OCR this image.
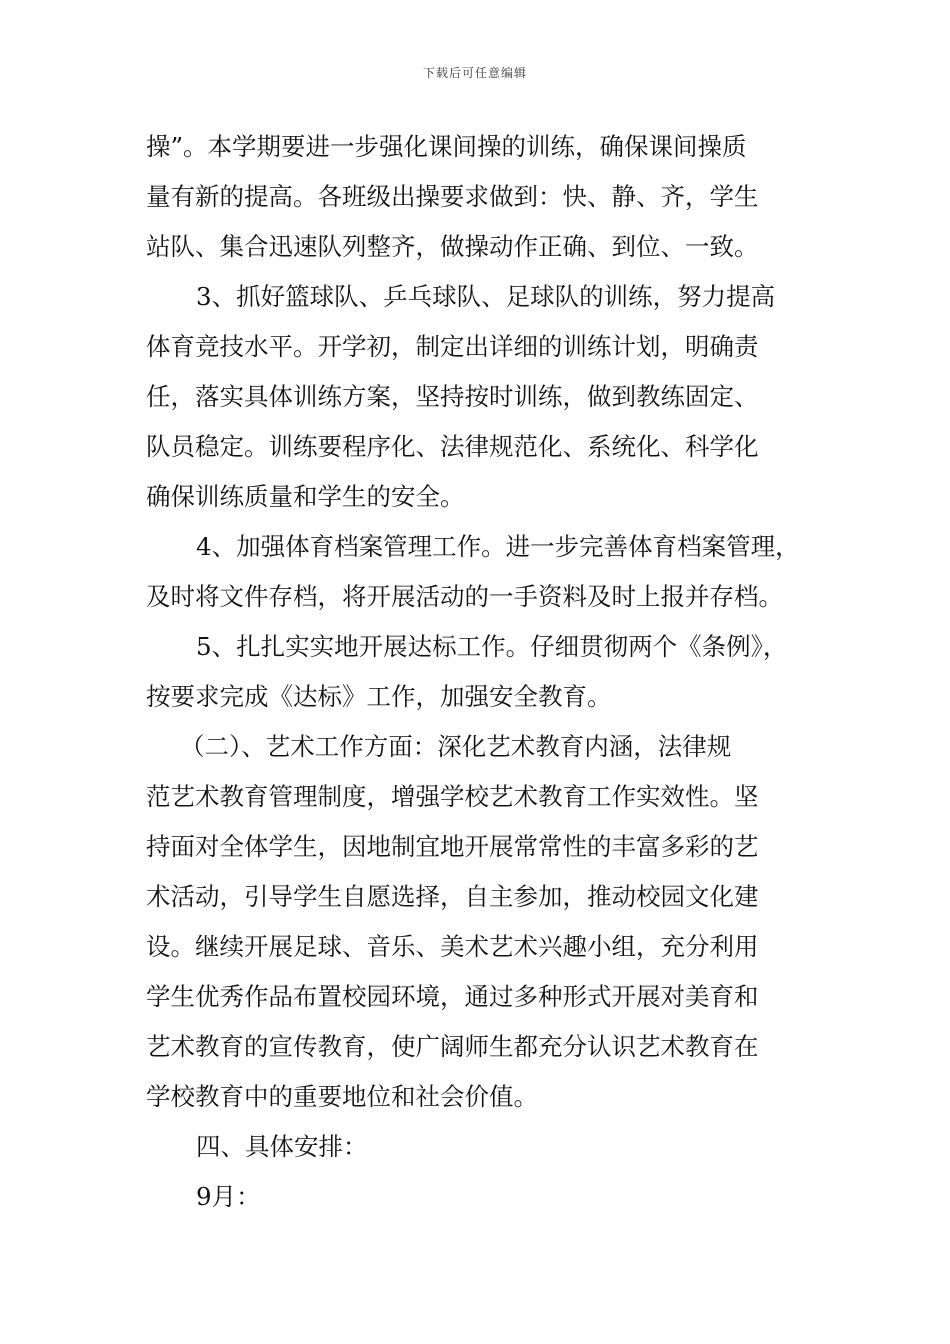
下载后可任意编辑
操”。本学期要进一步强化课间操的训练，确保课间操质
量有新的提高。各班级出操要求做到：快、静、齐，学生
站队、集合迅速队列整齐，做操动作正确、到位、一致。
3、抓好篮球队、乒乓球队、足球队的训练，努力提高
体育竞技水平。开学初，制定出详细的训练计划，明确责
任，落实具体训练方案，坚持按时训练，做到教练固定、
队员稳定。训练要程序化、法律规范化、系统化、科学化
确保训练质量和学生的安全。
4、加强体育档案管理工作。进一步完善体育档案管理，
及时将文件存档，将开展活动的一手资料及时上报并存档。
5、扎扎实实地开展达标工作。仔细贯彻两个《条例》，
按要求完成《达标》工作，加强安全教育。
（二）、艺术工作方面：深化艺术教育内涵，法律规
范艺术教育管理制度，增强学校艺术教育工作实效性。坚
持面对全体学生，因地制宜地开展常常性的丰富多彩的艺
术活动，引导学生自愿选择，自主参加，推动校园文化建
设。继续开展足球、音乐、美术艺术兴趣小组，充分利用
学生优秀作品布置校园环境，通过多种形式开展对美育和
艺术教育的宣传教育，使广阔师生都充分认识艺术教育在
学校教育中的重要地位和社会价值。
四、具体安排：
9月：
